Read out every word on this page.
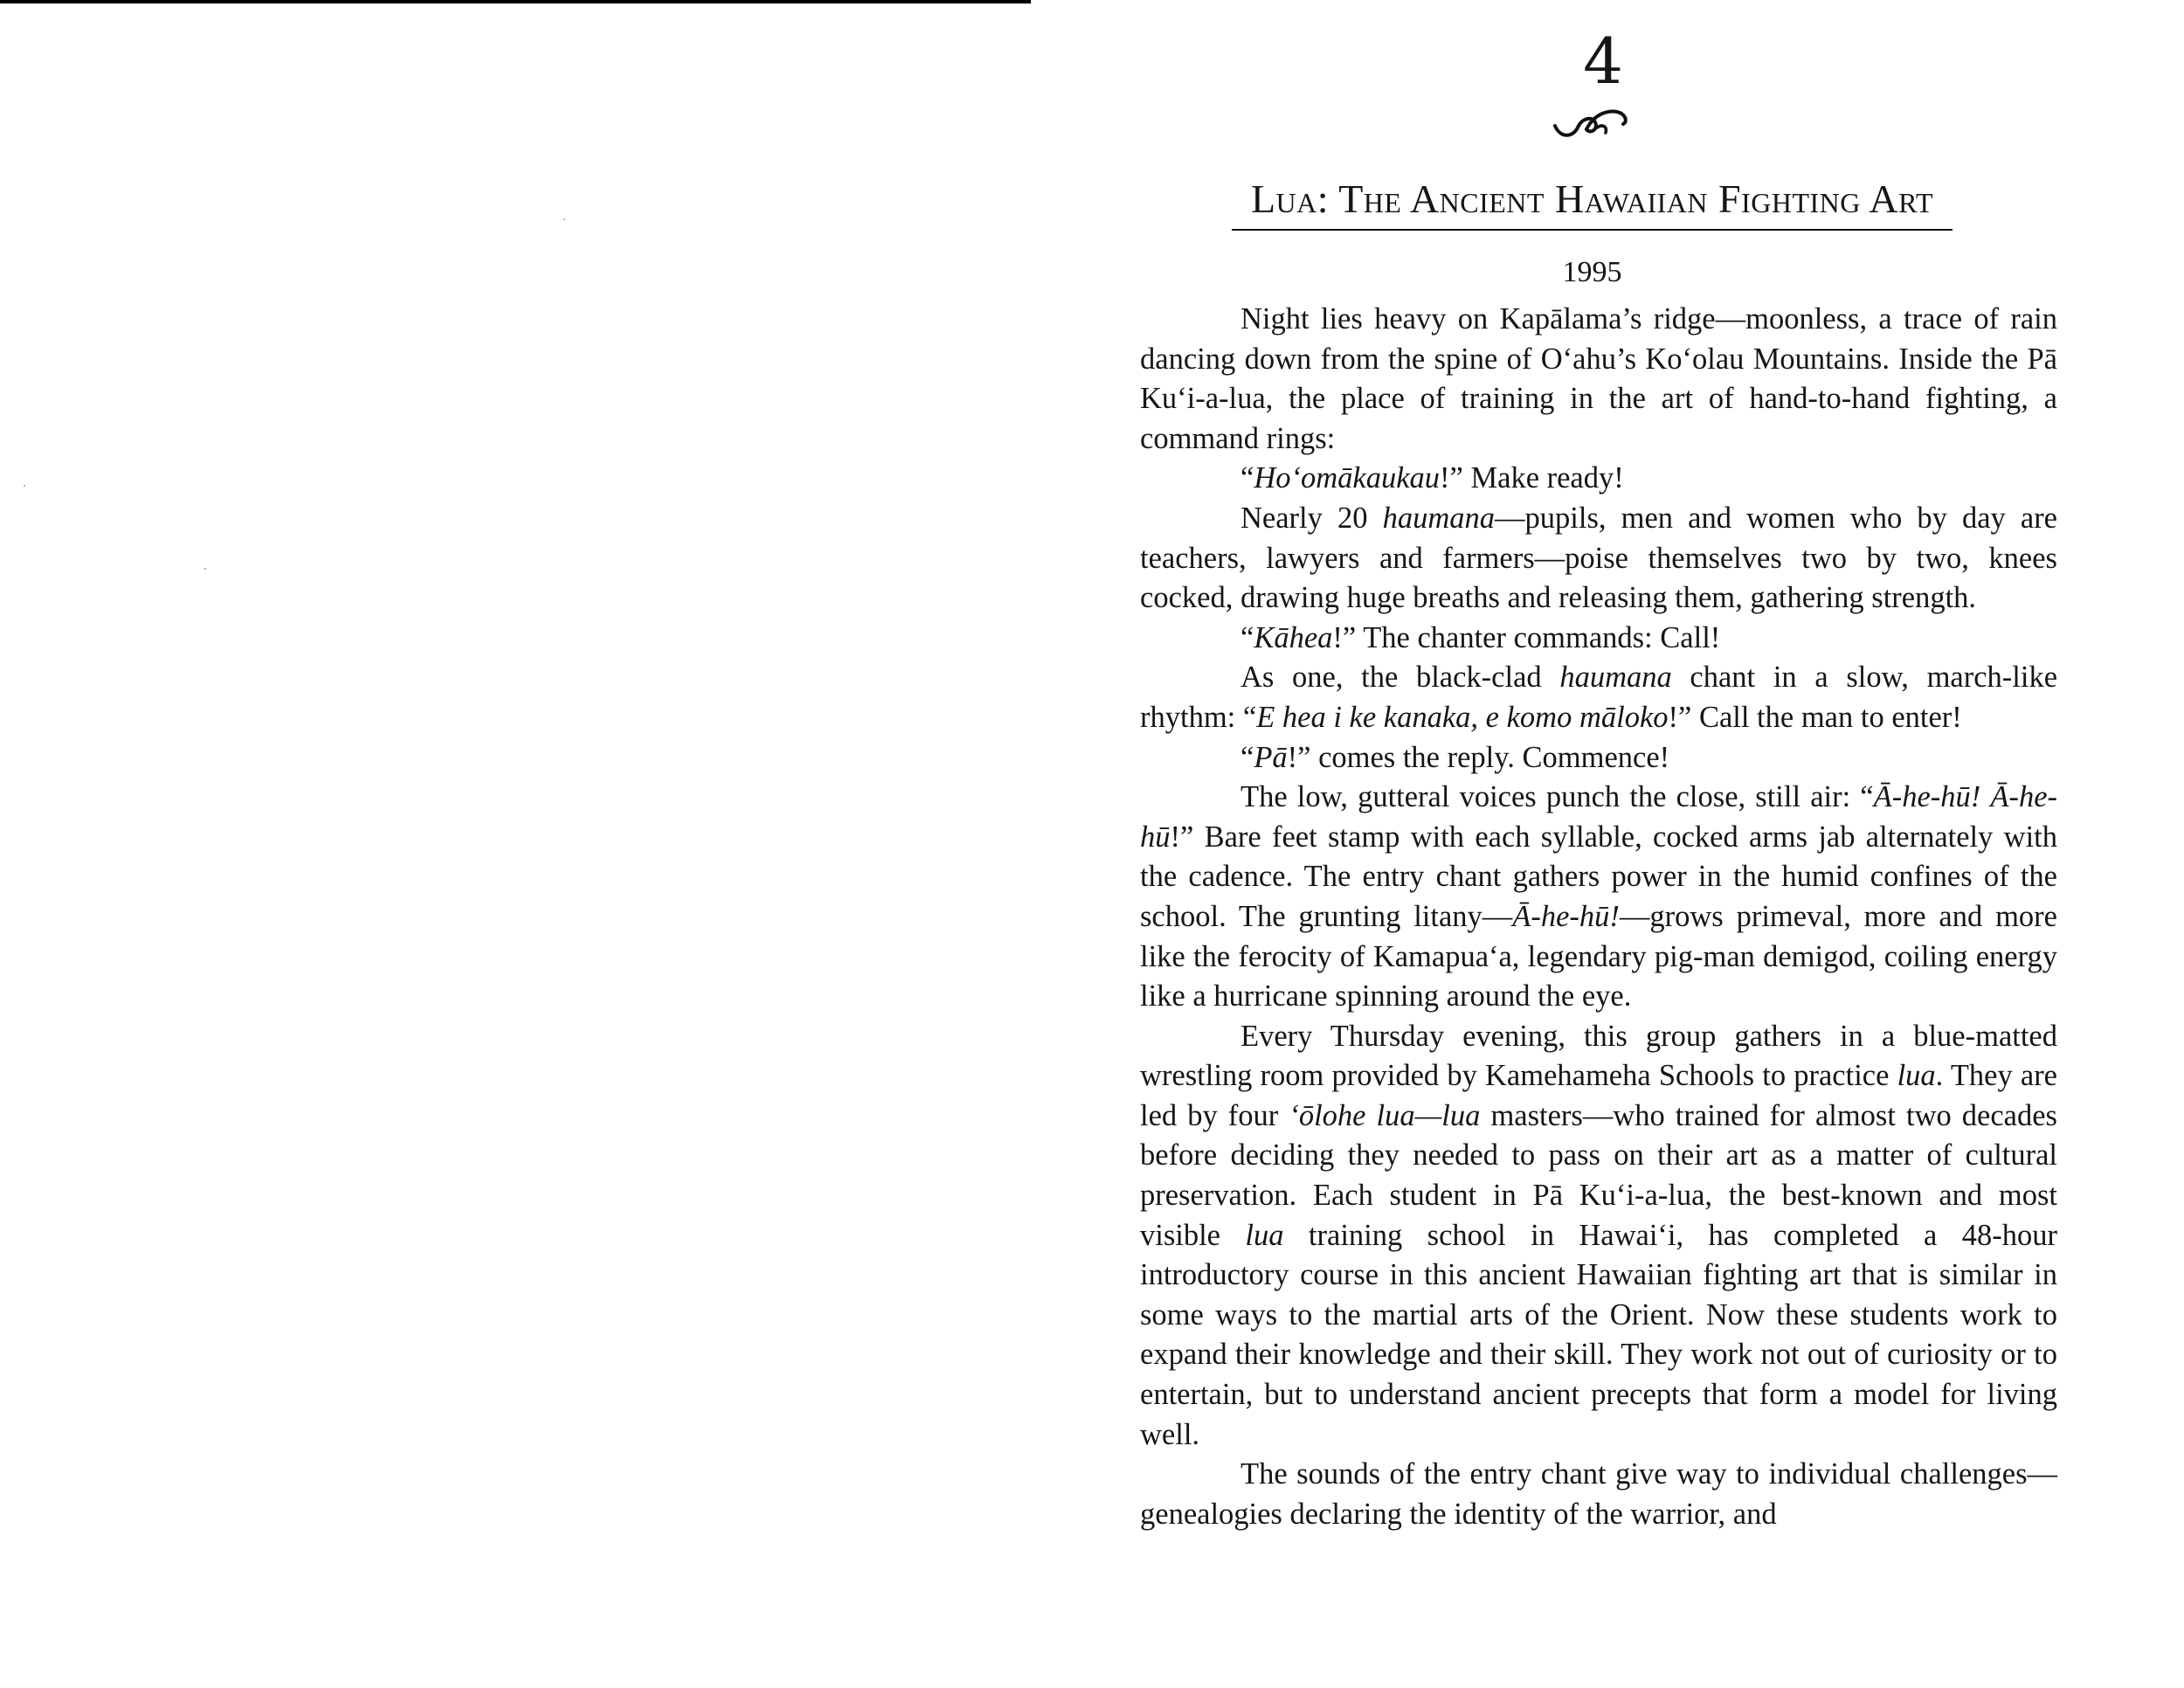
4
Lua: The Ancient Hawaiian Fighting Art
1995

Night lies heavy on Kapālama’s ridge—moonless, a trace of rain dancing down from the spine of O‘ahu’s Ko‘olau Mountains. Inside the Pā Ku‘i-a-lua, the place of training in the art of hand-to-hand fighting, a command rings:

“Ho‘omākaukau!” Make ready!

Nearly 20 haumana—pupils, men and women who by day are teachers, lawyers and farmers—poise themselves two by two, knees cocked, drawing huge breaths and releasing them, gathering strength.

“Kāhea!” The chanter commands: Call!

As one, the black-clad haumana chant in a slow, march-like rhythm: “E hea i ke kanaka, e komo māloko!” Call the man to enter!

“Pā!” comes the reply. Commence!

The low, gutteral voices punch the close, still air: “Ā-he-hū! Ā-he-hū!” Bare feet stamp with each syllable, cocked arms jab alternately with the cadence. The entry chant gathers power in the humid confines of the school. The grunting litany—Ā-he-hū!—grows primeval, more and more like the ferocity of Kamapua‘a, legendary pig-man demigod, coiling energy like a hurricane spinning around the eye.

Every Thursday evening, this group gathers in a blue-matted wrestling room provided by Kamehameha Schools to practice lua. They are led by four ‘ōlohe lua—lua masters—who trained for almost two decades before deciding they needed to pass on their art as a matter of cultural preservation. Each student in Pā Ku‘i-a-lua, the best-known and most visible lua training school in Hawai‘i, has completed a 48-hour introductory course in this ancient Hawaiian fighting art that is similar in some ways to the martial arts of the Orient. Now these students work to expand their knowledge and their skill. They work not out of curiosity or to entertain, but to understand ancient precepts that form a model for living well.

The sounds of the entry chant give way to individual challenges—genealogies declaring the identity of the warrior, and
